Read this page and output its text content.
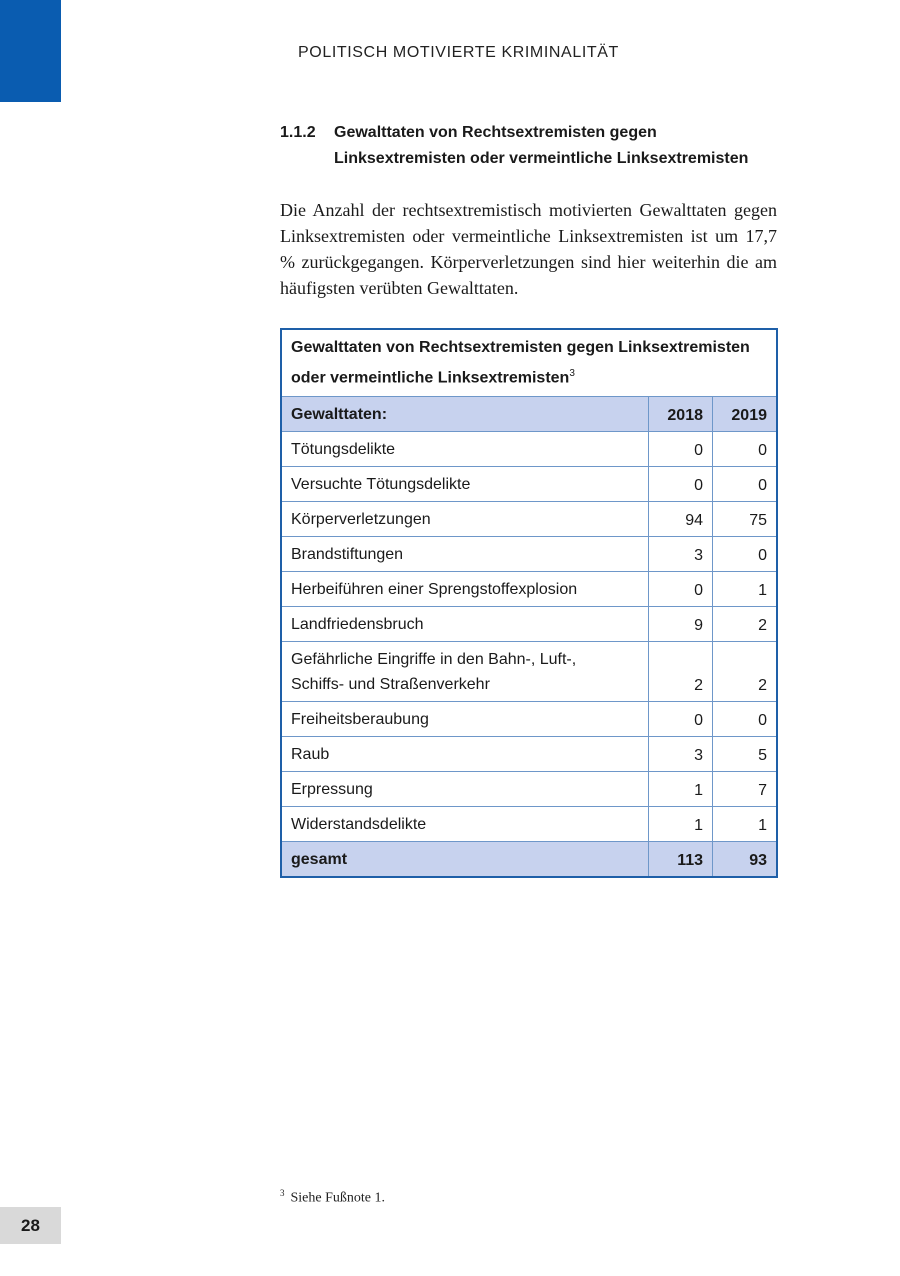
POLITISCH MOTIVIERTE KRIMINALITÄT
1.1.2 Gewalttaten von Rechtsextremisten gegen
Linksextremisten oder vermeintliche Linksextremisten

Die Anzahl der rechtsextremistisch motivierten Gewalttaten gegen Linksextremisten oder vermeintliche Linksextremisten ist um 17,7 % zurückgegangen. Körperverletzungen sind hier weiterhin die am häufigsten verübten Gewalttaten.

Gewalttaten von Rechtsextremisten gegen Linksextremisten
oder vermeintliche Linksextremisten$^3$
Gewalttaten:	2018	2019
Tötungsdelikte	0	0
Versuchte Tötungsdelikte	0	0
Körperverletzungen	94	75
Brandstiftungen	3	0
Herbeiführen einer Sprengstoffexplosion	0	1
Landfriedensbruch	9	2
Gefährliche Eingriffe in den Bahn-, Luft-,
Schiffs- und Straßenverkehr	2	2
Freiheitsberaubung	0	0
Raub	3	5
Erpressung	1	7
Widerstandsdelikte	1	1
gesamt	113	93
$^3$ Siehe Fußnote 1.
28
